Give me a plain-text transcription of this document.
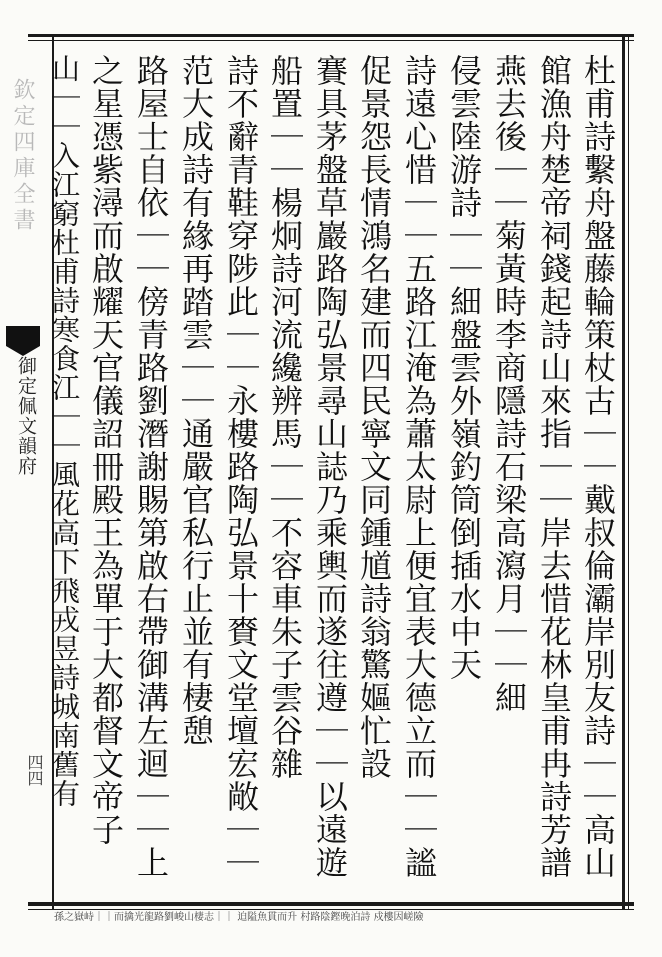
欽定四庫全書
御定佩文韻府
四四	杜甫詩繫舟盤藤輪策杖古｜｜戴叔倫灞岸別友詩｜｜高山
館漁舟楚帝祠錢起詩山來指｜｜岸去惜花林皇甫冉詩芳譜
燕去後｜｜菊黃時李商隱詩石梁高瀉月｜｜細
侵雲陸游詩｜｜細盤雲外嶺釣筒倒插水中天
詩遠心惜｜｜五路江淹為蕭太尉上便宜表大德立而｜｜謐
促景怨長情鴻名建而四民寧文同鍾馗詩翁驚嫗忙設
賽具茅盤草巖路陶弘景尋山誌乃乘輿而遂往遵｜｜以遠遊
船置｜｜楊炯詩河流纔辨馬｜｜不容車朱子雲谷雜
詩不辭青鞋穿陟此｜｜永樓路陶弘景十賚文堂壇宏敞｜｜
范大成詩有緣再踏雲｜｜通嚴官私行止並有棲憩
路屋士自依｜｜傍青路劉潛謝賜第啟右帶御溝左迴｜｜上
之星憑紫潯而啟耀天官儀詔冊殿王為單于大都督文帝子
山｜｜入江窮杜甫詩寒食江｜｜風花高下飛戎昱詩城南舊有
孫之嶽峙｜｜而擒光龍路劉峻山棲志｜｜ 迫隘魚貫而升 村路陰鏗晚泊詩 戍樓因嵯險
